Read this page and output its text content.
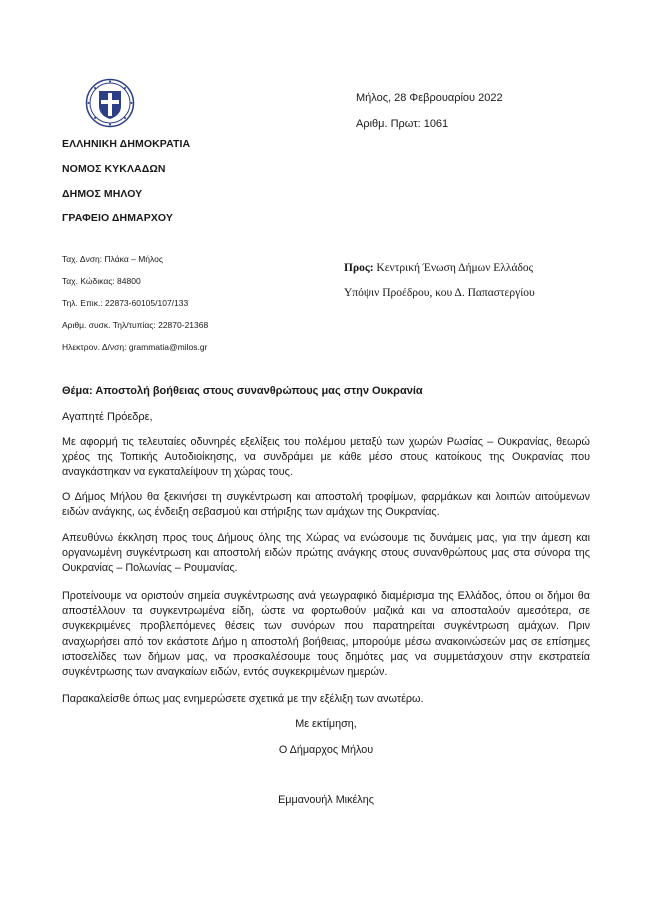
ΕΛΛΗΝΙΚΗ ΔΗΜΟΚΡΑΤΙΑ
ΝΟΜΟΣ ΚΥΚΛΑΔΩΝ
ΔΗΜΟΣ ΜΗΛΟΥ
ΓΡΑΦΕΙΟ ΔΗΜΑΡΧΟΥ
Μήλος, 28 Φεβρουαρίου 2022
Αριθμ. Πρωτ: 1061
Ταχ. Δνση: Πλάκα – Μήλος
Ταχ. Κώδικας: 84800
Τηλ. Επικ.: 22873-60105/107/133
Αριθμ. συσκ. Τηλ/τυπίας: 22870-21368
Ηλεκτρον. Δ/νση: grammatia@milos.gr
Προς: Κεντρική Ένωση Δήμων Ελλάδος
Υπόψιν Προέδρου, κου Δ. Παπαστεργίου
Θέμα: Αποστολή βοήθειας στους συνανθρώπους μας στην Ουκρανία
Αγαπητέ Πρόεδρε,
Με αφορμή τις τελευταίες οδυνηρές εξελίξεις του πολέμου μεταξύ των χωρών Ρωσίας – Ουκρανίας, θεωρώ χρέος της Τοπικής Αυτοδιοίκησης, να συνδράμει με κάθε μέσο στους κατοίκους της Ουκρανίας που αναγκάστηκαν να εγκαταλείψουν τη χώρας τους.
Ο Δήμος Μήλου θα ξεκινήσει τη συγκέντρωση και αποστολή τροφίμων, φαρμάκων και λοιπών αιτούμενων ειδών ανάγκης, ως ένδειξη σεβασμού και στήριξης των αμάχων της Ουκρανίας.
Απευθύνω έκκληση προς τους Δήμους όλης της Χώρας να ενώσουμε τις δυνάμεις μας, για την άμεση και οργανωμένη συγκέντρωση και αποστολή ειδών πρώτης ανάγκης στους συνανθρώπους μας στα σύνορα της Ουκρανίας – Πολωνίας – Ρουμανίας.
Προτείνουμε να οριστούν σημεία συγκέντρωσης ανά γεωγραφικό διαμέρισμα της Ελλάδος, όπου οι δήμοι θα αποστέλλουν τα συγκεντρωμένα είδη, ώστε να φορτωθούν μαζικά και να αποσταλούν αμεσότερα, σε συγκεκριμένες προβλεπόμενες θέσεις των συνόρων που παρατηρείται συγκέντρωση αμάχων. Πριν αναχωρήσει από τον εκάστοτε Δήμο η αποστολή βοήθειας, μπορούμε μέσω ανακοινώσεών μας σε επίσημες ιστοσελίδες των δήμων μας, να προσκαλέσουμε τους δημότες μας να συμμετάσχουν στην εκστρατεία συγκέντρωσης των αναγκαίων ειδών, εντός συγκεκριμένων ημερών.
Παρακαλείσθε όπως μας ενημερώσετε σχετικά με την εξέλιξη των ανωτέρω.
Με εκτίμηση,
Ο Δήμαρχος Μήλου
Εμμανουήλ Μικέλης
